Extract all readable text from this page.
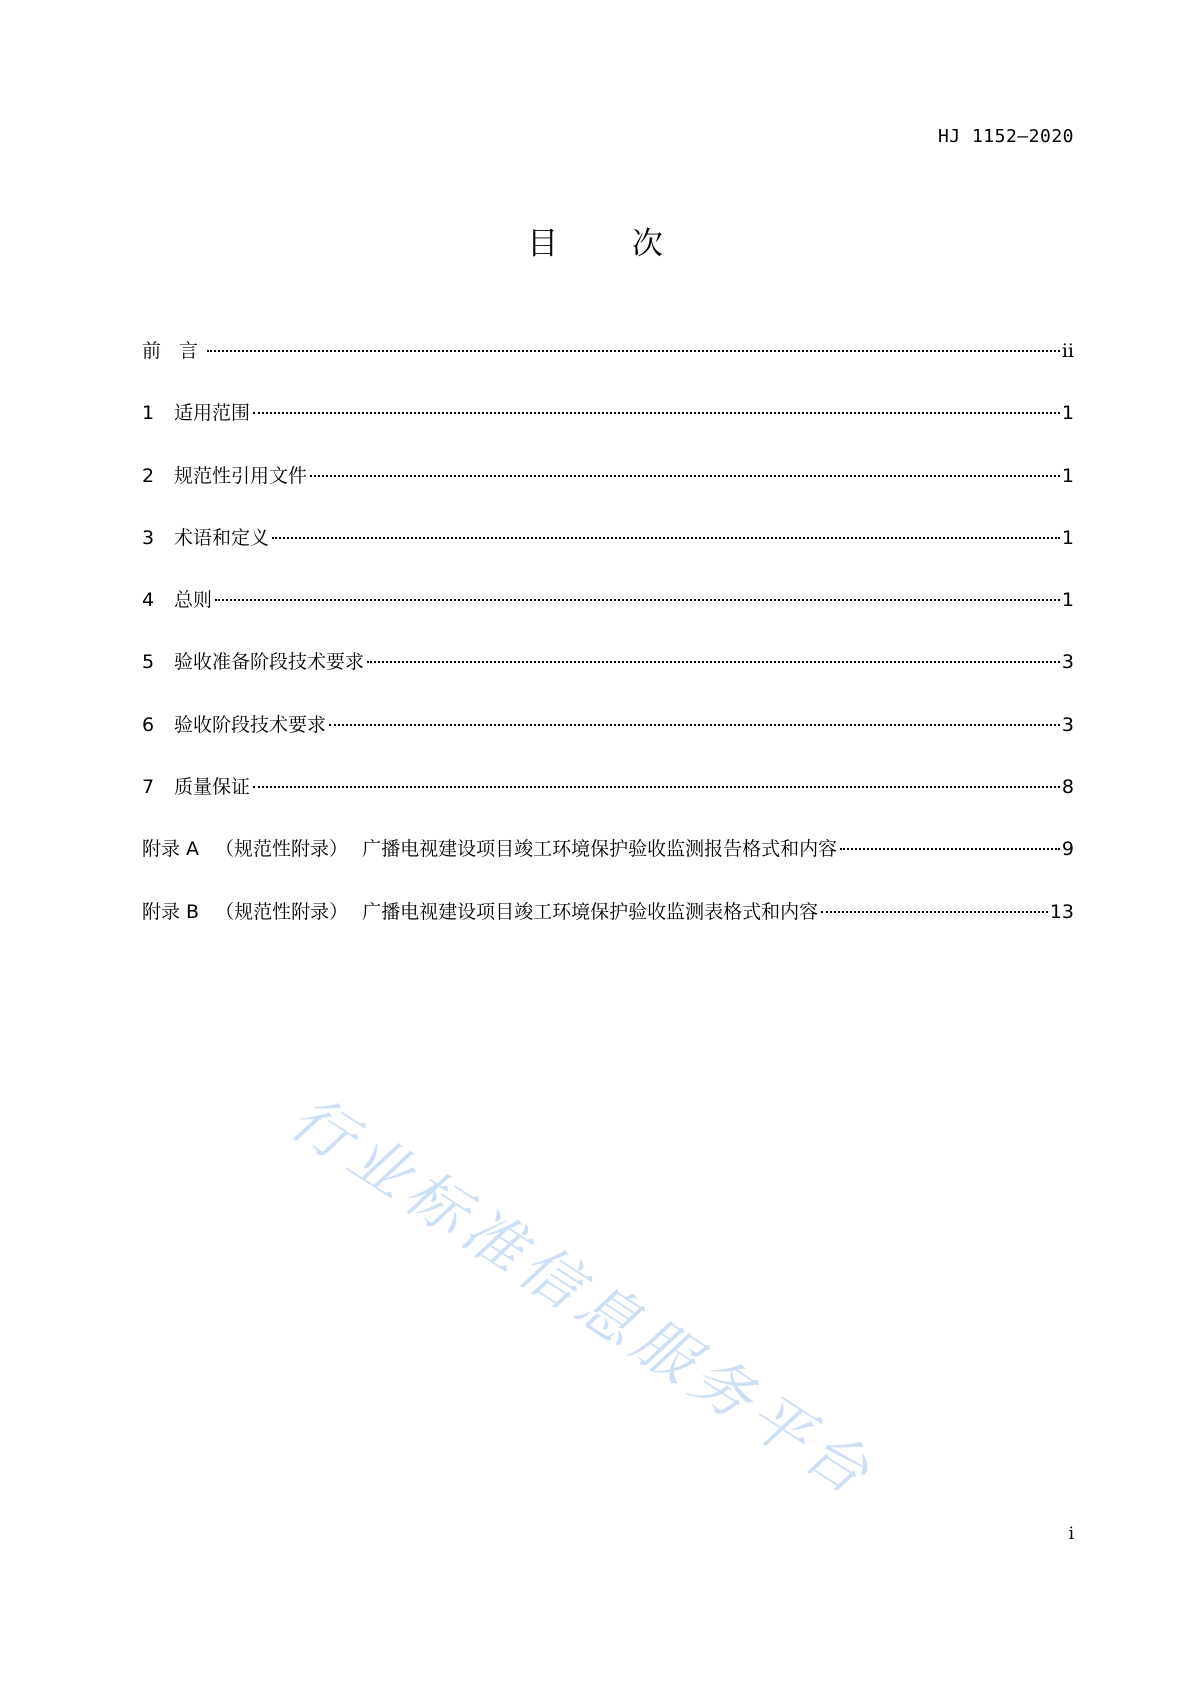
HJ 1152—2020
目 次
前 言	ii
1	适用范围	1
2	规范性引用文件	1
3	术语和定义	1
4	总则	1
5	验收准备阶段技术要求	3
6	验收阶段技术要求	3
7	质量保证	8
附录 A （规范性附录） 广播电视建设项目竣工环境保护验收监测报告格式和内容	9
附录 B （规范性附录） 广播电视建设项目竣工环境保护验收监测表格式和内容	13
行业标准信息服务平台
i
